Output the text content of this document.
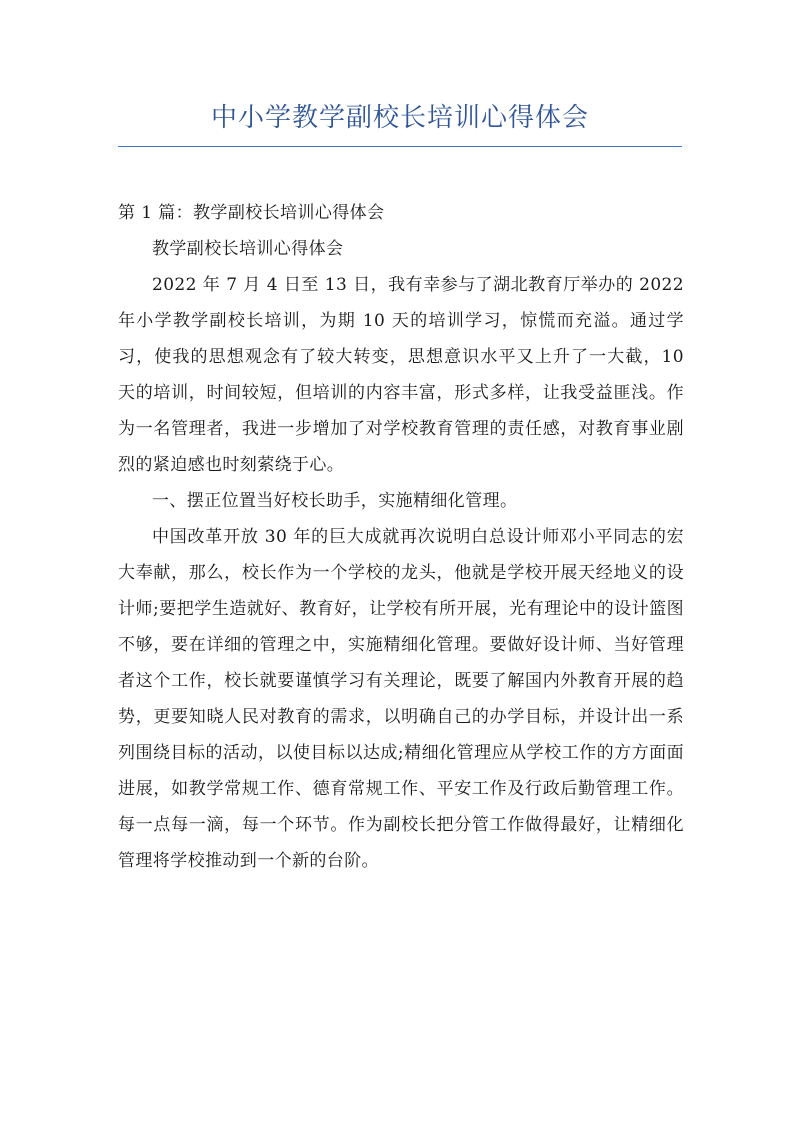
中小学教学副校长培训心得体会

第 1 篇：教学副校长培训心得体会

教学副校长培训心得体会

2022 年 7 月 4 日至 13 日，我有幸参与了湖北教育厅举办的 2022 年小学教学副校长培训，为期 10 天的培训学习，惊慌而充溢。通过学习，使我的思想观念有了较大转变，思想意识水平又上升了一大截，10 天的培训，时间较短，但培训的内容丰富，形式多样，让我受益匪浅。作为一名管理者，我进一步增加了对学校教育管理的责任感，对教育事业剧烈的紧迫感也时刻萦绕于心。

一、摆正位置当好校长助手，实施精细化管理。

中国改革开放 30 年的巨大成就再次说明白总设计师邓小平同志的宏大奉献，那么，校长作为一个学校的龙头，他就是学校开展天经地义的设计师;要把学生造就好、教育好，让学校有所开展，光有理论中的设计篮图不够，要在详细的管理之中，实施精细化管理。要做好设计师、当好管理者这个工作，校长就要谨慎学习有关理论，既要了解国内外教育开展的趋势，更要知晓人民对教育的需求，以明确自己的办学目标，并设计出一系列围绕目标的活动，以使目标以达成;精细化管理应从学校工作的方方面面进展，如教学常规工作、德育常规工作、平安工作及行政后勤管理工作。每一点每一滴，每一个环节。作为副校长把分管工作做得最好，让精细化管理将学校推动到一个新的台阶。
